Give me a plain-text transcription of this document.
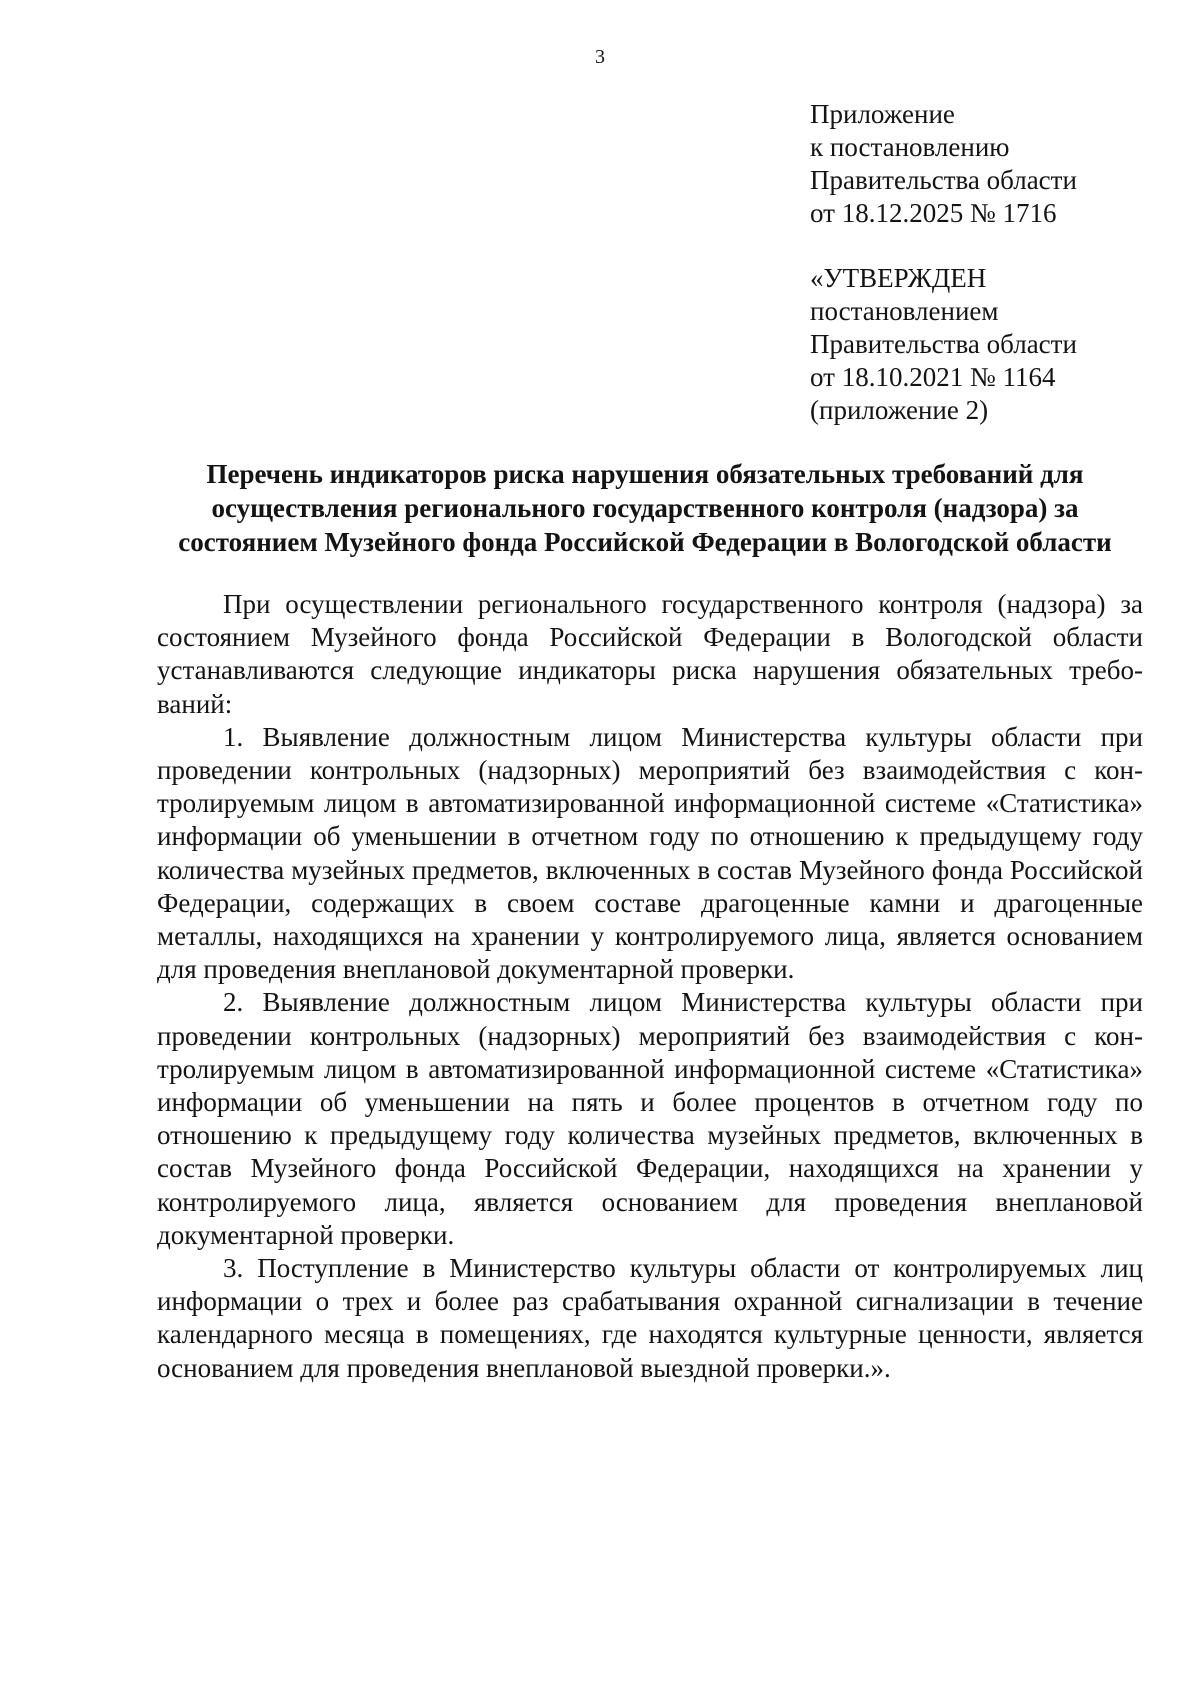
3
Приложение
к постановлению
Правительства области
от 18.12.2025 № 1716
«УТВЕРЖДЕН
постановлением
Правительства области
от 18.10.2021 № 1164
(приложение 2)
Перечень индикаторов риска нарушения обязательных требований для
осуществления регионального государственного контроля (надзора) за
состоянием Музейного фонда Российской Федерации в Вологодской области

При осуществлении регионального государственного контроля (надзора) за состоянием Музейного фонда Российской Федерации в Вологодской области устанавливаются следующие индикаторы риска нарушения обязательных требований:

1. Выявление должностным лицом Министерства культуры области при проведении контрольных (надзорных) мероприятий без взаимодействия с контролируемым лицом в автоматизированной информационной системе «Статистика» информации об уменьшении в отчетном году по отношению к предыдущему году количества музейных предметов, включенных в состав Музейного фонда Российской Федерации, содержащих в своем составе драгоценные камни и драгоценные металлы, находящихся на хранении у контролируемого лица, является основанием для проведения внеплановой документарной проверки.

2. Выявление должностным лицом Министерства культуры области при проведении контрольных (надзорных) мероприятий без взаимодействия с контролируемым лицом в автоматизированной информационной системе «Статистика» информации об уменьшении на пять и более процентов в отчетном году по отношению к предыдущему году количества музейных предметов, включенных в состав Музейного фонда Российской Федерации, находящихся на хранении у контролируемого лица, является основанием для проведения внеплановой документарной проверки.

3. Поступление в Министерство культуры области от контролируемых лиц информации о трех и более раз срабатывания охранной сигнализации в течение календарного месяца в помещениях, где находятся культурные ценности, является основанием для проведения внеплановой выездной проверки.».
